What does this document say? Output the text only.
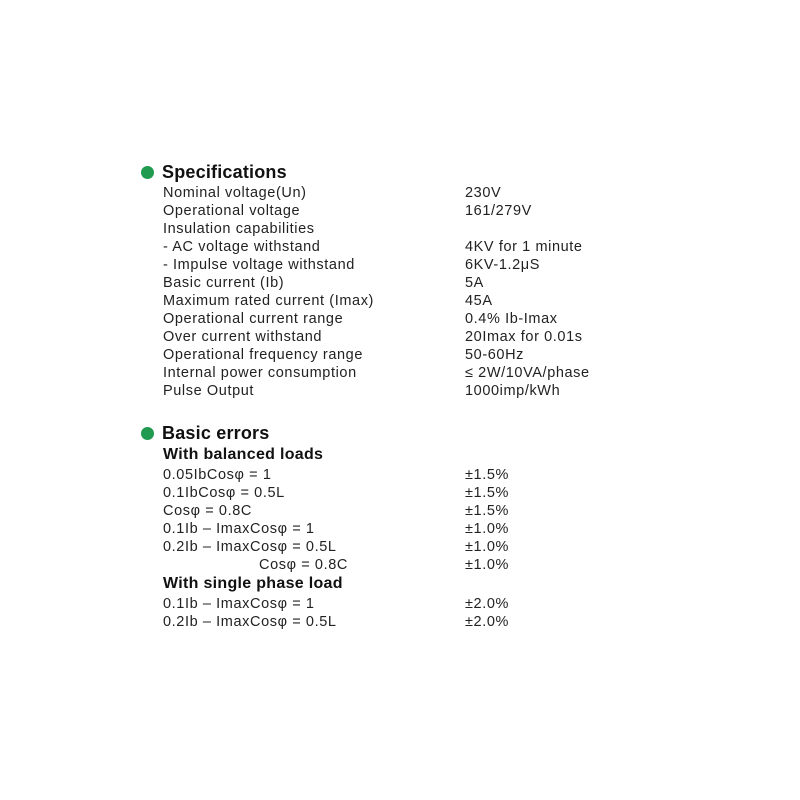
Specifications
Nominal voltage(Un)	230V
Operational voltage	161/279V
Insulation capabilities
- AC voltage withstand	4KV for 1 minute
- Impulse voltage withstand	6KV-1.2μS
Basic current (Ib)	5A
Maximum rated current (Imax)	45A
Operational current range	0.4% Ib-Imax
Over current withstand	20Imax for 0.01s
Operational frequency range	50-60Hz
Internal power consumption	≤ 2W/10VA/phase
Pulse Output	1000imp/kWh
Basic errors
With balanced loads
0.05IbCosφ = 1	±1.5%
0.1IbCosφ = 0.5L	±1.5%
Cosφ = 0.8C	±1.5%
0.1Ib – ImaxCosφ = 1	±1.0%
0.2Ib – ImaxCosφ = 0.5L	±1.0%
Cosφ = 0.8C	±1.0%
With single phase load
0.1Ib – ImaxCosφ = 1	±2.0%
0.2Ib – ImaxCosφ = 0.5L	±2.0%
